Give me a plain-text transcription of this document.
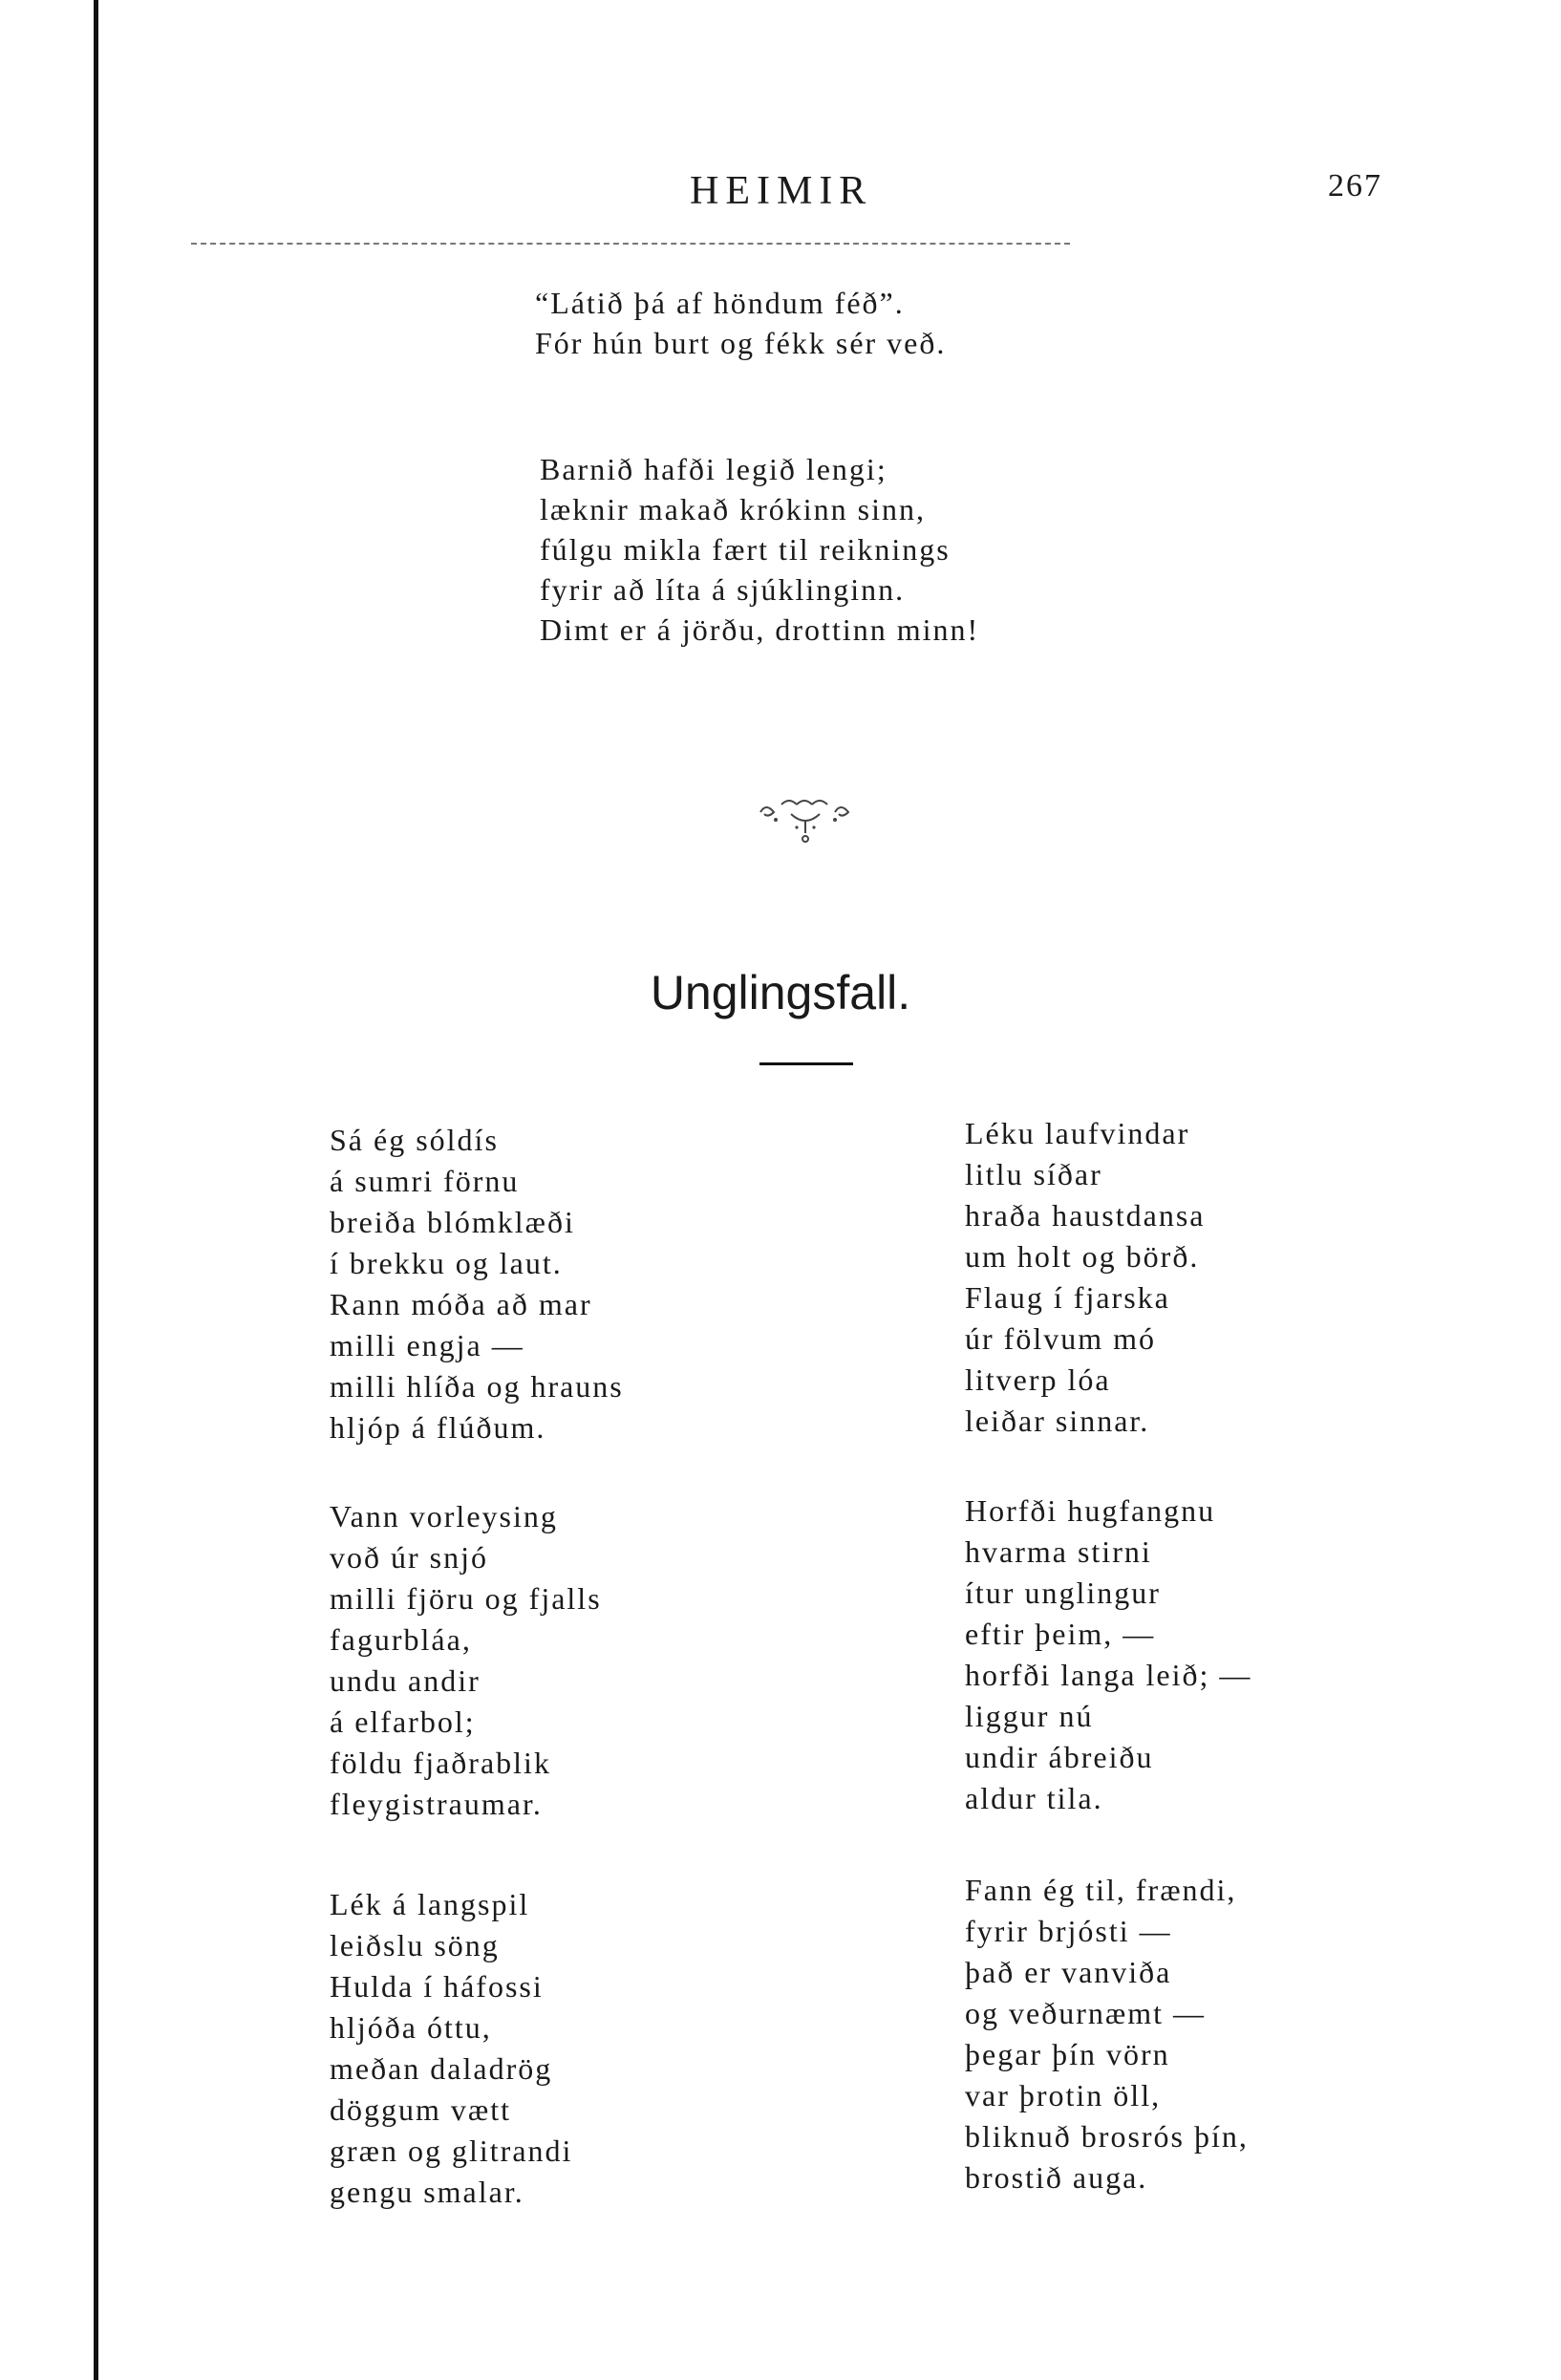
HEIMIR	267
“Látið þá af höndum féð”.
Fór hún burt og fékk sér veð.
Barnið hafði legið lengi;
læknir makað krókinn sinn,
fúlgu mikla fært til reiknings
fyrir að líta á sjúklinginn.
Dimt er á jörðu, drottinn minn!
Unglingsfall.
Sá ég sóldís
á sumri förnu
breiða blómklæði
í brekku og laut.
Rann móða að mar
milli engja —
milli hlíða og hrauns
hljóp á flúðum.
Vann vorleysing
voð úr snjó
milli fjöru og fjalls
fagurbláa,
undu andir
á elfarbol;
földu fjaðrablik
fleygistraumar.
Lék á langspil
leiðslu söng
Hulda í háfossi
hljóða óttu,
meðan daladrög
döggum vætt
græn og glitrandi
gengu smalar.
Léku laufvindar
litlu síðar
hraða haustdansa
um holt og börð.
Flaug í fjarska
úr fölvum mó
litverp lóa
leiðar sinnar.
Horfði hugfangnu
hvarma stirni
ítur unglingur
eftir þeim, —
horfði langa leið; —
liggur nú
undir ábreiðu
aldur tila.
Fann ég til, frændi,
fyrir brjósti —
það er vanviða
og veðurnæmt —
þegar þín vörn
var þrotin öll,
bliknuð brosrós þín,
brostið auga.
